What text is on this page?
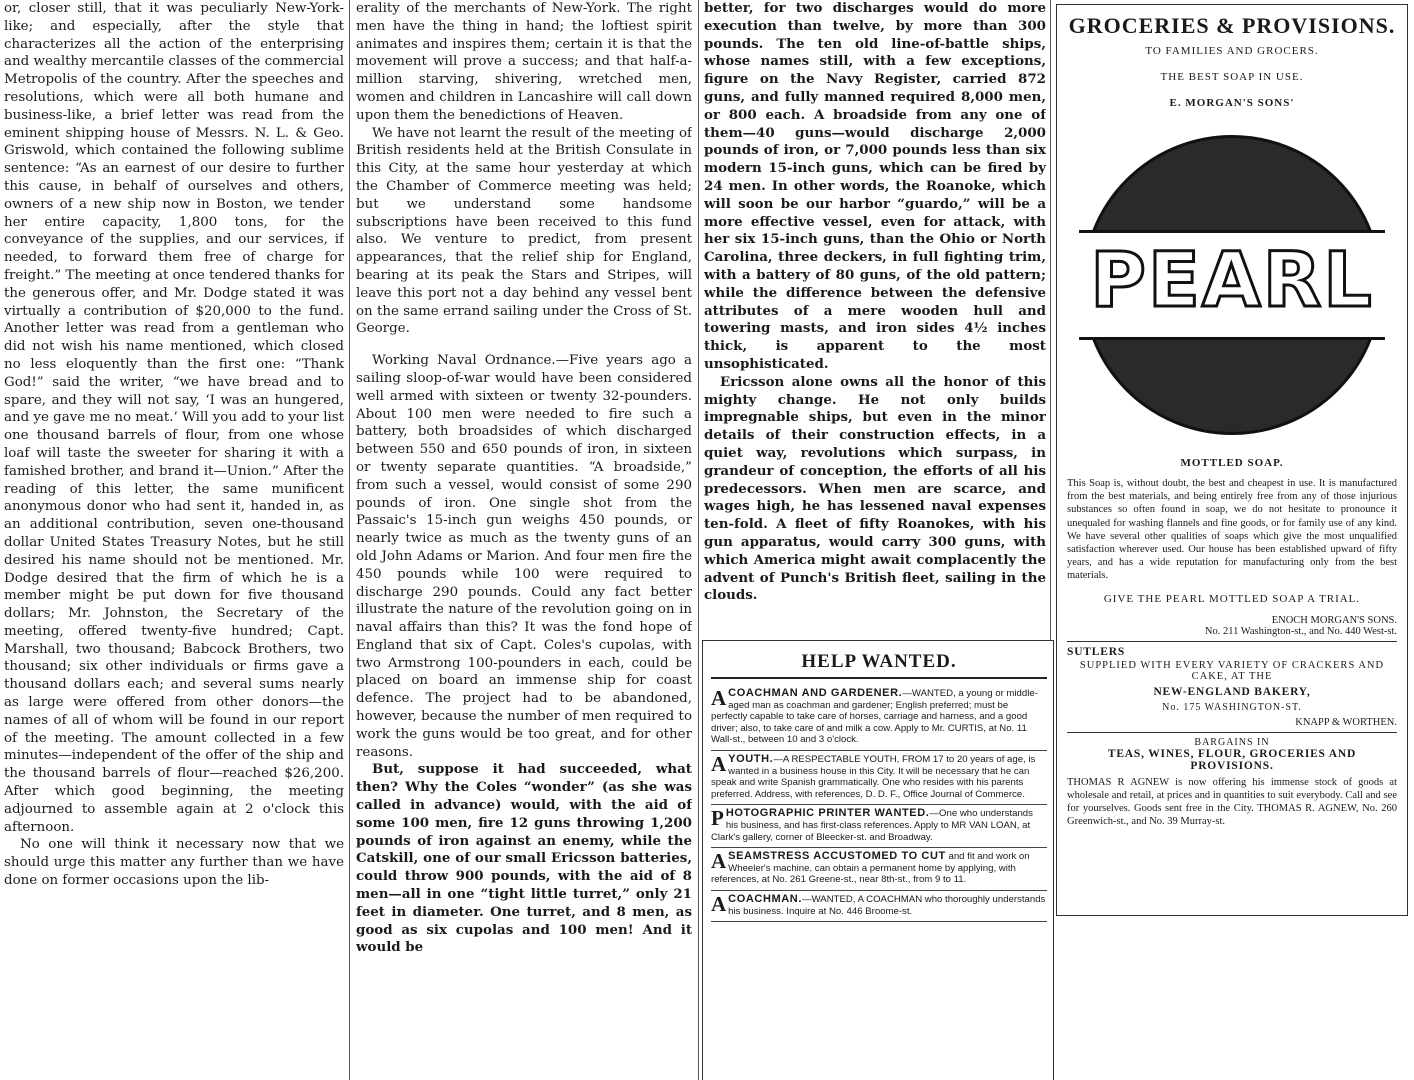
or, closer still, that it was peculiarly New-York-like; and especially, after the style that characterizes all the action of the enterprising and wealthy mercantile classes of the commercial Metropolis of the country. After the speeches and resolutions, which were all both humane and business-like, a brief letter was read from the eminent shipping house of Messrs. N. L. & Geo. Griswold, which contained the following sublime sentence: “As an earnest of our desire to further this cause, in behalf of ourselves and others, owners of a new ship now in Boston, we tender her entire capacity, 1,800 tons, for the conveyance of the supplies, and our services, if needed, to forward them free of charge for freight.” The meeting at once tendered thanks for the generous offer, and Mr. Dodge stated it was virtually a contribution of $20,000 to the fund. Another letter was read from a gentleman who did not wish his name mentioned, which closed no less eloquently than the first one: “Thank God!” said the writer, “we have bread and to spare, and they will not say, ‘I was an hungered, and ye gave me no meat.’ Will you add to your list one thousand barrels of flour, from one whose loaf will taste the sweeter for sharing it with a famished brother, and brand it—Union.” After the reading of this letter, the same munificent anonymous donor who had sent it, handed in, as an additional contribution, seven one-thousand dollar United States Treasury Notes, but he still desired his name should not be mentioned. Mr. Dodge desired that the firm of which he is a member might be put down for five thousand dollars; Mr. Johnston, the Secretary of the meeting, offered twenty-five hundred; Capt. Marshall, two thousand; Babcock Brothers, two thousand; six other individuals or firms gave a thousand dollars each; and several sums nearly as large were offered from other donors—the names of all of whom will be found in our report of the meeting. The amount collected in a few minutes—independent of the offer of the ship and the thousand barrels of flour—reached $26,200. After which good beginning, the meeting adjourned to assemble again at 2 o'clock this afternoon.

No one will think it necessary now that we should urge this matter any further than we have done on former occasions upon the lib-

erality of the merchants of New-York. The right men have the thing in hand; the loftiest spirit animates and inspires them; certain it is that the movement will prove a success; and that half-a-million starving, shivering, wretched men, women and children in Lancashire will call down upon them the benedictions of Heaven.

We have not learnt the result of the meeting of British residents held at the British Consulate in this City, at the same hour yesterday at which the Chamber of Commerce meeting was held; but we understand some handsome subscriptions have been received to this fund also. We venture to predict, from present appearances, that the relief ship for England, bearing at its peak the Stars and Stripes, will leave this port not a day behind any vessel bent on the same errand sailing under the Cross of St. George.

Working Naval Ordnance.—Five years ago a sailing sloop-of-war would have been considered well armed with sixteen or twenty 32-pounders. About 100 men were needed to fire such a battery, both broadsides of which discharged between 550 and 650 pounds of iron, in sixteen or twenty separate quantities. “A broadside,” from such a vessel, would consist of some 290 pounds of iron. One single shot from the Passaic's 15-inch gun weighs 450 pounds, or nearly twice as much as the twenty guns of an old John Adams or Marion. And four men fire the 450 pounds while 100 were required to discharge 290 pounds. Could any fact better illustrate the nature of the revolution going on in naval affairs than this? It was the fond hope of England that six of Capt. Coles's cupolas, with two Armstrong 100-pounders in each, could be placed on board an immense ship for coast defence. The project had to be abandoned, however, because the number of men required to work the guns would be too great, and for other reasons.

But, suppose it had succeeded, what then? Why the Coles “wonder” (as she was called in advance) would, with the aid of some 100 men, fire 12 guns throwing 1,200 pounds of iron against an enemy, while the Catskill, one of our small Ericsson batteries, could throw 900 pounds, with the aid of 8 men—all in one “tight little turret,” only 21 feet in diameter. One turret, and 8 men, as good as six cupolas and 100 men! And it would be

better, for two discharges would do more execution than twelve, by more than 300 pounds. The ten old line-of-battle ships, whose names still, with a few exceptions, figure on the Navy Register, carried 872 guns, and fully manned required 8,000 men, or 800 each. A broadside from any one of them—40 guns—would discharge 2,000 pounds of iron, or 7,000 pounds less than six modern 15-inch guns, which can be fired by 24 men. In other words, the Roanoke, which will soon be our harbor “guardo,” will be a more effective vessel, even for attack, with her six 15-inch guns, than the Ohio or North Carolina, three deckers, in full fighting trim, with a battery of 80 guns, of the old pattern; while the difference between the defensive attributes of a mere wooden hull and towering masts, and iron sides 4½ inches thick, is apparent to the most unsophisticated.

Ericsson alone owns all the honor of this mighty change. He not only builds impregnable ships, but even in the minor details of their construction effects, in a quiet way, revolutions which surpass, in grandeur of conception, the efforts of all his predecessors. When men are scarce, and wages high, he has lessened naval expenses ten-fold. A fleet of fifty Roanokes, with his gun apparatus, would carry 300 guns, with which America might await complacently the advent of Punch's British fleet, sailing in the clouds.

HELP WANTED.
A COACHMAN AND GARDENER.—WANTED, a young or middle-aged man as coachman and gardener; English preferred; must be perfectly capable to take care of horses, carriage and harness, and a good driver; also, to take care of and milk a cow. Apply to Mr. CURTIS, at No. 11 Wall-st., between 10 and 3 o'clock.
A YOUTH.—A RESPECTABLE YOUTH, FROM 17 to 20 years of age, is wanted in a business house in this City. It will be necessary that he can speak and write Spanish grammatically. One who resides with his parents preferred. Address, with references, D. D. F., Office Journal of Commerce.
PHOTOGRAPHIC PRINTER WANTED.—One who understands his business, and has first-class references. Apply to MR VAN LOAN, at Clark's gallery, corner of Bleecker-st. and Broadway.
A SEAMSTRESS ACCUSTOMED TO CUT and fit and work on Wheeler's machine, can obtain a permanent home by applying, with references, at No. 261 Greene-st., near 8th-st., from 9 to 11.
A COACHMAN.—WANTED, A COACHMAN who thoroughly understands his business. Inquire at No. 446 Broome-st.
GROCERIES & PROVISIONS.
TO FAMILIES AND GROCERS.
THE BEST SOAP IN USE.
E. MORGAN'S SONS'
PEARL
MOTTLED SOAP.
This Soap is, without doubt, the best and cheapest in use. It is manufactured from the best materials, and being entirely free from any of those injurious substances so often found in soap, we do not hesitate to pronounce it unequaled for washing flannels and fine goods, or for family use of any kind. We have several other qualities of soaps which give the most unqualified satisfaction wherever used. Our house has been established upward of fifty years, and has a wide reputation for manufacturing only from the best materials.
GIVE THE PEARL MOTTLED SOAP A TRIAL.
ENOCH MORGAN'S SONS.
No. 211 Washington-st., and No. 440 West-st.
SUTLERS
SUPPLIED WITH EVERY VARIETY OF CRACKERS AND CAKE, AT THE
NEW-ENGLAND BAKERY,
No. 175 WASHINGTON-ST.
KNAPP & WORTHEN.
BARGAINS IN
TEAS, WINES, FLOUR, GROCERIES AND PROVISIONS.
THOMAS R AGNEW is now offering his immense stock of goods at wholesale and retail, at prices and in quantities to suit everybody. Call and see for yourselves. Goods sent free in the City. THOMAS R. AGNEW, No. 260 Greenwich-st., and No. 39 Murray-st.
